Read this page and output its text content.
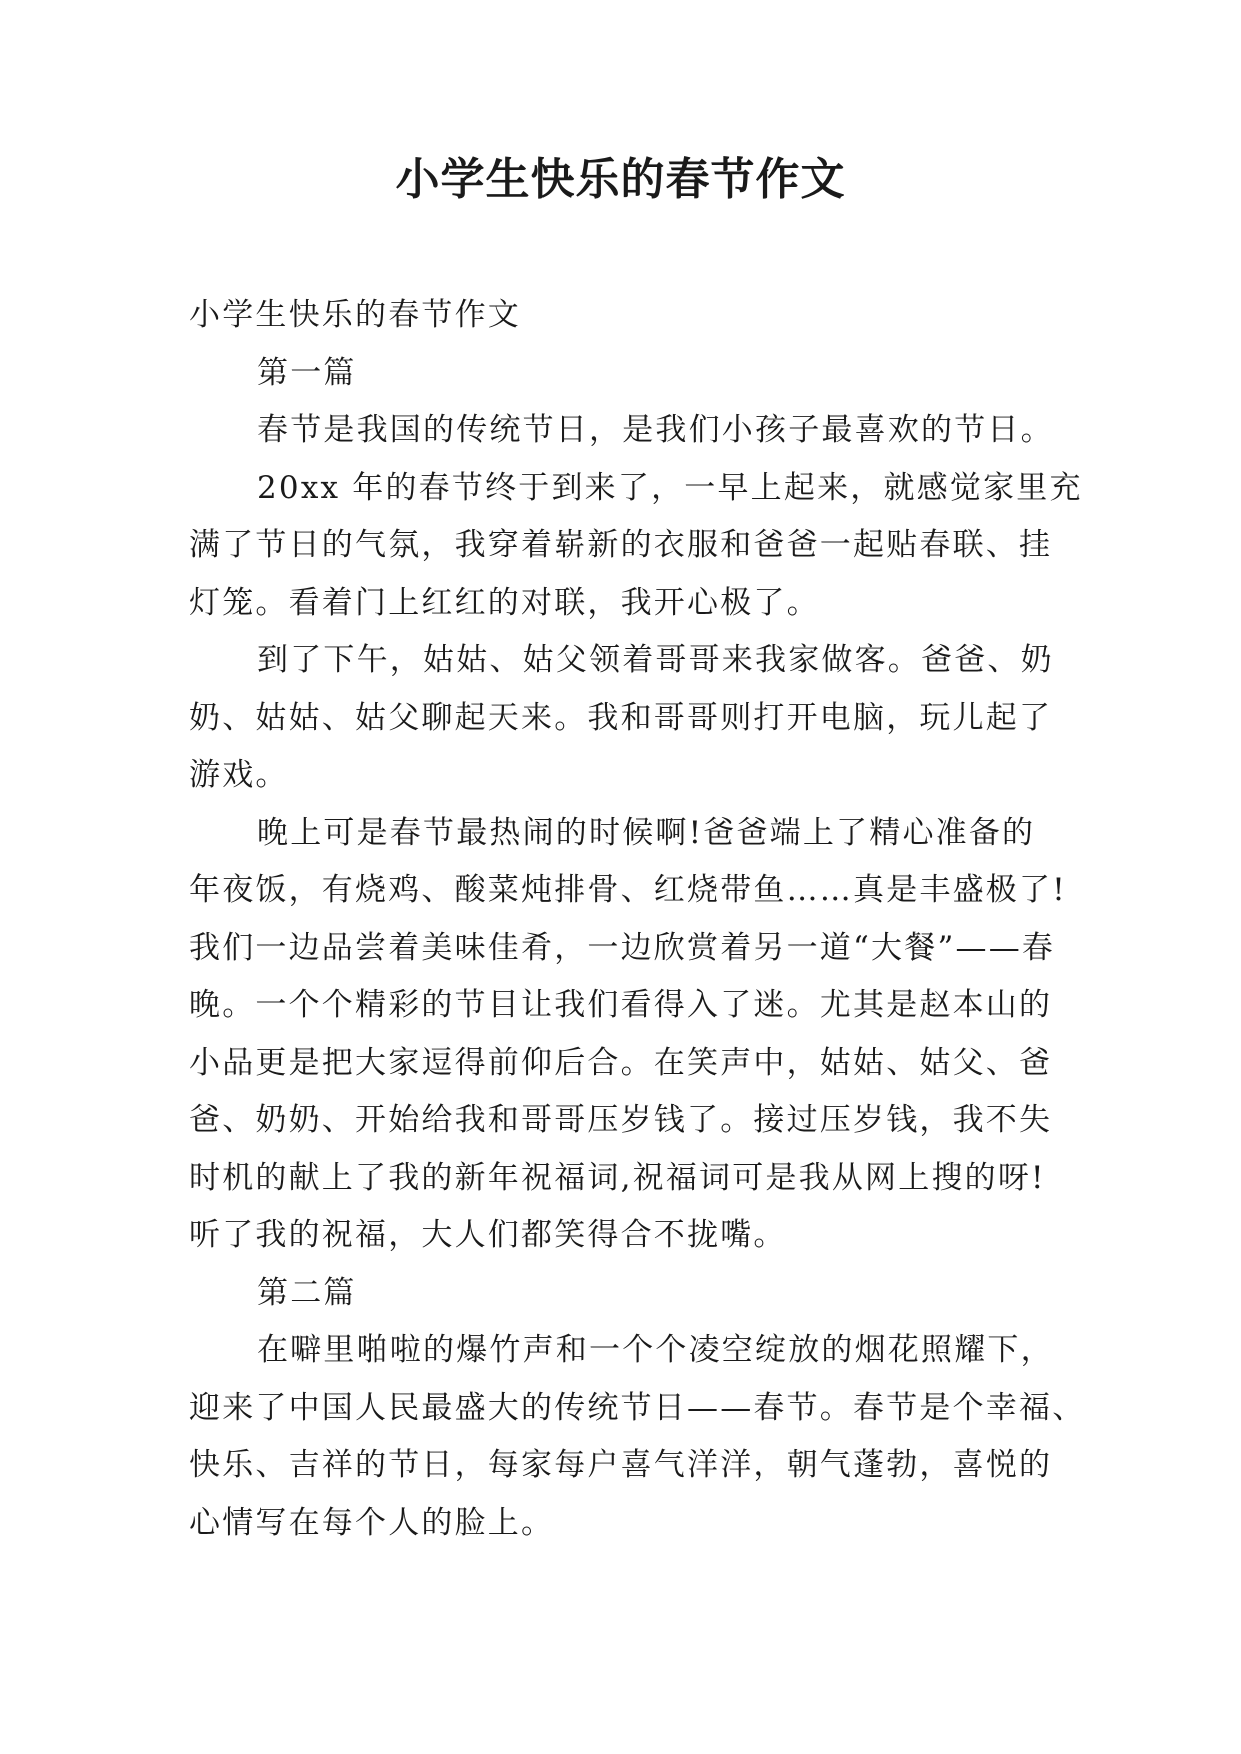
小学生快乐的春节作文

小学生快乐的春节作文

第一篇

春节是我国的传统节日，是我们小孩子最喜欢的节日。

20xx 年的春节终于到来了，一早上起来，就感觉家里充

满了节日的气氛，我穿着崭新的衣服和爸爸一起贴春联、挂

灯笼。看着门上红红的对联，我开心极了。

到了下午，姑姑、姑父领着哥哥来我家做客。爸爸、奶

奶、姑姑、姑父聊起天来。我和哥哥则打开电脑，玩儿起了

游戏。

晚上可是春节最热闹的时候啊!爸爸端上了精心准备的

年夜饭，有烧鸡、酸菜炖排骨、红烧带鱼……真是丰盛极了!

我们一边品尝着美味佳肴，一边欣赏着另一道“大餐”——春

晚。一个个精彩的节目让我们看得入了迷。尤其是赵本山的

小品更是把大家逗得前仰后合。在笑声中，姑姑、姑父、爸

爸、奶奶、开始给我和哥哥压岁钱了。接过压岁钱，我不失

时机的献上了我的新年祝福词,祝福词可是我从网上搜的呀!

听了我的祝福，大人们都笑得合不拢嘴。

第二篇

在噼里啪啦的爆竹声和一个个凌空绽放的烟花照耀下，

迎来了中国人民最盛大的传统节日——春节。春节是个幸福、

快乐、吉祥的节日，每家每户喜气洋洋，朝气蓬勃，喜悦的

心情写在每个人的脸上。
